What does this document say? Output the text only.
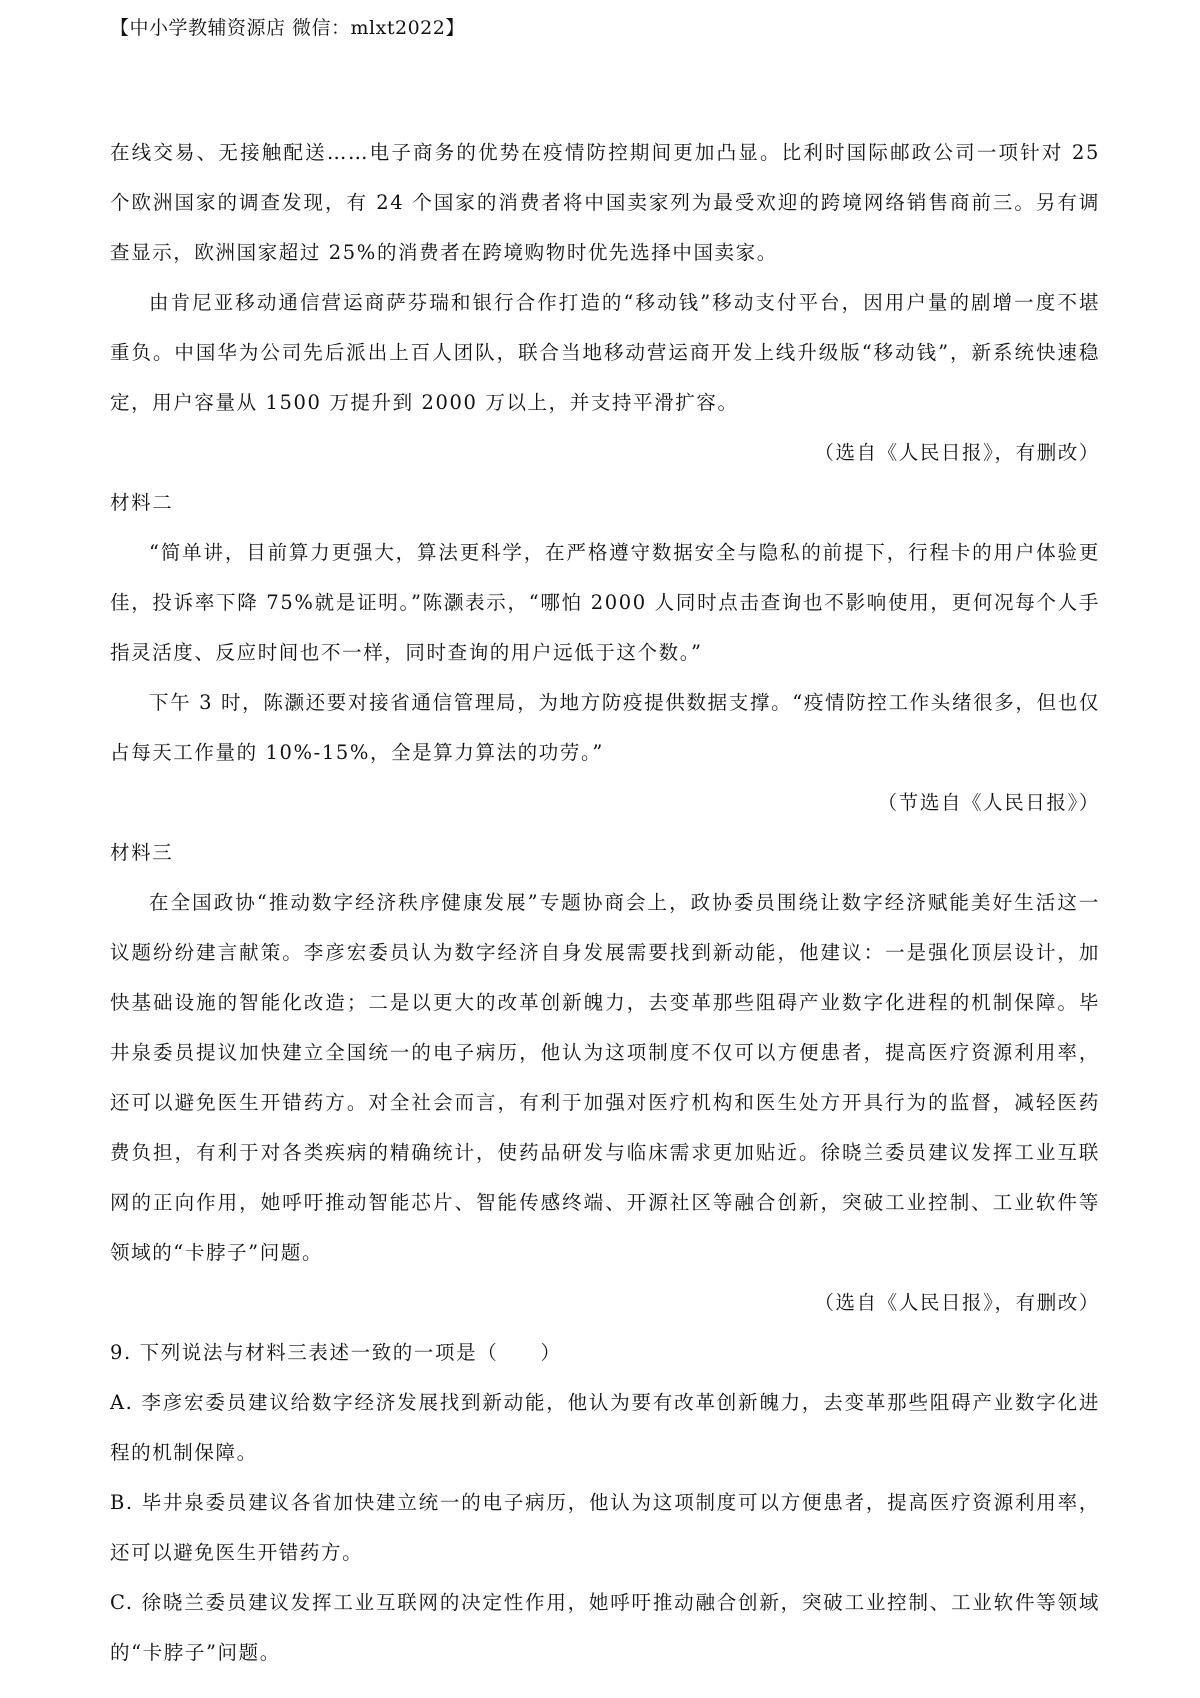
【中小学教辅资源店 微信：mlxt2022】

在线交易、无接触配送……电子商务的优势在疫情防控期间更加凸显。比利时国际邮政公司一项针对 25 个欧洲国家的调查发现，有 24 个国家的消费者将中国卖家列为最受欢迎的跨境网络销售商前三。另有调查显示，欧洲国家超过 25%的消费者在跨境购物时优先选择中国卖家。

由肯尼亚移动通信营运商萨芬瑞和银行合作打造的“移动钱”移动支付平台，因用户量的剧增一度不堪重负。中国华为公司先后派出上百人团队，联合当地移动营运商开发上线升级版“移动钱”，新系统快速稳定，用户容量从 1500 万提升到 2000 万以上，并支持平滑扩容。

（选自《人民日报》，有删改）

材料二

“简单讲，目前算力更强大，算法更科学，在严格遵守数据安全与隐私的前提下，行程卡的用户体验更佳，投诉率下降 75%就是证明。”陈灏表示，“哪怕 2000 人同时点击查询也不影响使用，更何况每个人手指灵活度、反应时间也不一样，同时查询的用户远低于这个数。”

下午 3 时，陈灏还要对接省通信管理局，为地方防疫提供数据支撑。“疫情防控工作头绪很多，但也仅占每天工作量的 10%-15%，全是算力算法的功劳。”

（节选自《人民日报》）

材料三

在全国政协“推动数字经济秩序健康发展”专题协商会上，政协委员围绕让数字经济赋能美好生活这一议题纷纷建言献策。李彦宏委员认为数字经济自身发展需要找到新动能，他建议：一是强化顶层设计，加快基础设施的智能化改造；二是以更大的改革创新魄力，去变革那些阻碍产业数字化进程的机制保障。毕井泉委员提议加快建立全国统一的电子病历，他认为这项制度不仅可以方便患者，提高医疗资源利用率，还可以避免医生开错药方。对全社会而言，有利于加强对医疗机构和医生处方开具行为的监督，减轻医药费负担，有利于对各类疾病的精确统计，使药品研发与临床需求更加贴近。徐晓兰委员建议发挥工业互联网的正向作用，她呼吁推动智能芯片、智能传感终端、开源社区等融合创新，突破工业控制、工业软件等领域的“卡脖子”问题。

（选自《人民日报》，有删改）

9. 下列说法与材料三表述一致的一项是（　　）

A. 李彦宏委员建议给数字经济发展找到新动能，他认为要有改革创新魄力，去变革那些阻碍产业数字化进程的机制保障。

B. 毕井泉委员建议各省加快建立统一的电子病历，他认为这项制度可以方便患者，提高医疗资源利用率，还可以避免医生开错药方。

C. 徐晓兰委员建议发挥工业互联网的决定性作用，她呼吁推动融合创新，突破工业控制、工业软件等领域的“卡脖子”问题。
